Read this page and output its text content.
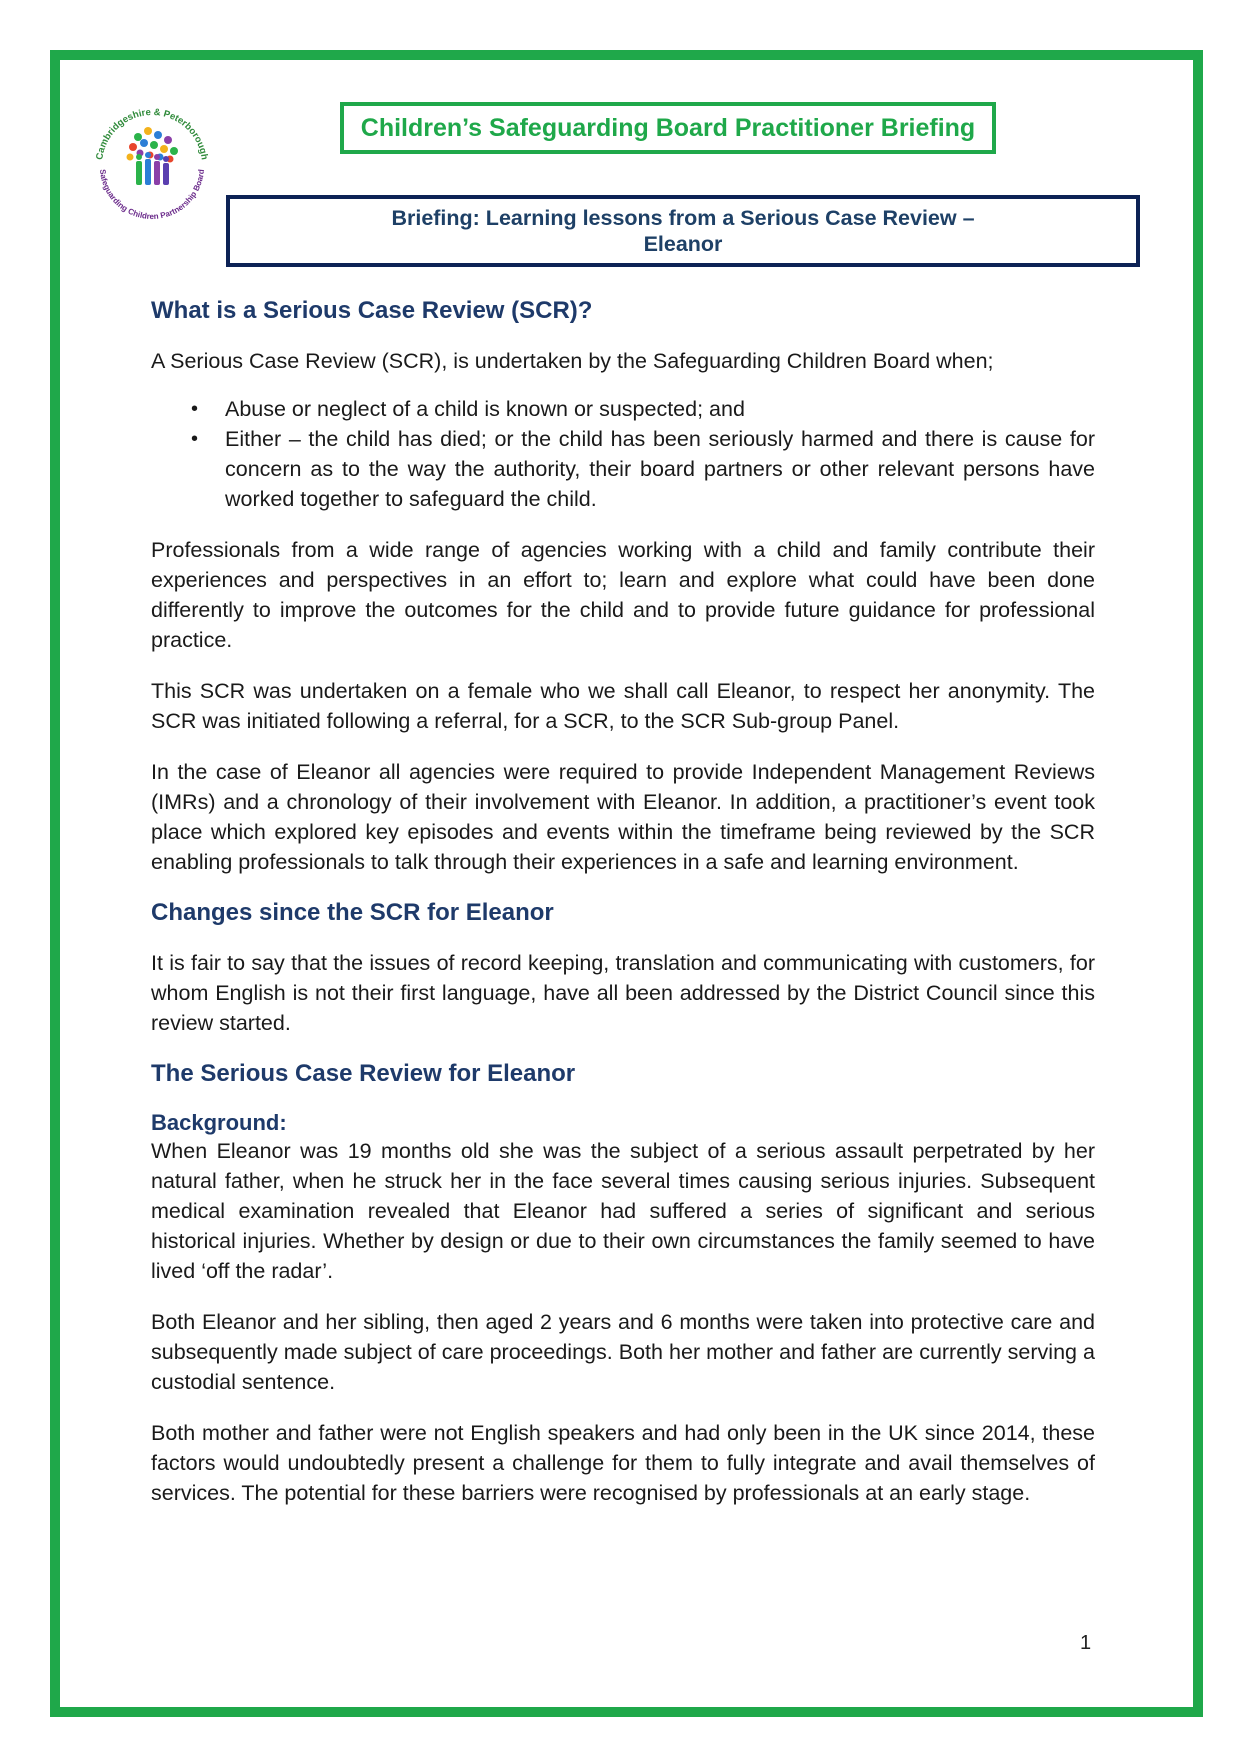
Cambridgeshire & Peterborough
Safeguarding Children Partnership Board
Children’s Safeguarding Board Practitioner Briefing
Briefing: Learning lessons from a Serious Case Review –
Eleanor
What is a Serious Case Review (SCR)?

A Serious Case Review (SCR), is undertaken by the Safeguarding Children Board when;

• Abuse or neglect of a child is known or suspected; and
• Either – the child has died; or the child has been seriously harmed and there is cause for concern as to the way the authority, their board partners or other relevant persons have worked together to safeguard the child.

Professionals from a wide range of agencies working with a child and family contribute their experiences and perspectives in an effort to; learn and explore what could have been done differently to improve the outcomes for the child and to provide future guidance for professional practice.

This SCR was undertaken on a female who we shall call Eleanor, to respect her anonymity. The SCR was initiated following a referral, for a SCR, to the SCR Sub-group Panel.

In the case of Eleanor all agencies were required to provide Independent Management Reviews (IMRs) and a chronology of their involvement with Eleanor. In addition, a practitioner’s event took place which explored key episodes and events within the timeframe being reviewed by the SCR enabling professionals to talk through their experiences in a safe and learning environment.

Changes since the SCR for Eleanor

It is fair to say that the issues of record keeping, translation and communicating with customers, for whom English is not their first language, have all been addressed by the District Council since this review started.

The Serious Case Review for Eleanor
Background:

When Eleanor was 19 months old she was the subject of a serious assault perpetrated by her natural father, when he struck her in the face several times causing serious injuries. Subsequent medical examination revealed that Eleanor had suffered a series of significant and serious historical injuries. Whether by design or due to their own circumstances the family seemed to have lived ‘off the radar’.

Both Eleanor and her sibling, then aged 2 years and 6 months were taken into protective care and subsequently made subject of care proceedings. Both her mother and father are currently serving a custodial sentence.

Both mother and father were not English speakers and had only been in the UK since 2014, these factors would undoubtedly present a challenge for them to fully integrate and avail themselves of services. The potential for these barriers were recognised by professionals at an early stage.

1
